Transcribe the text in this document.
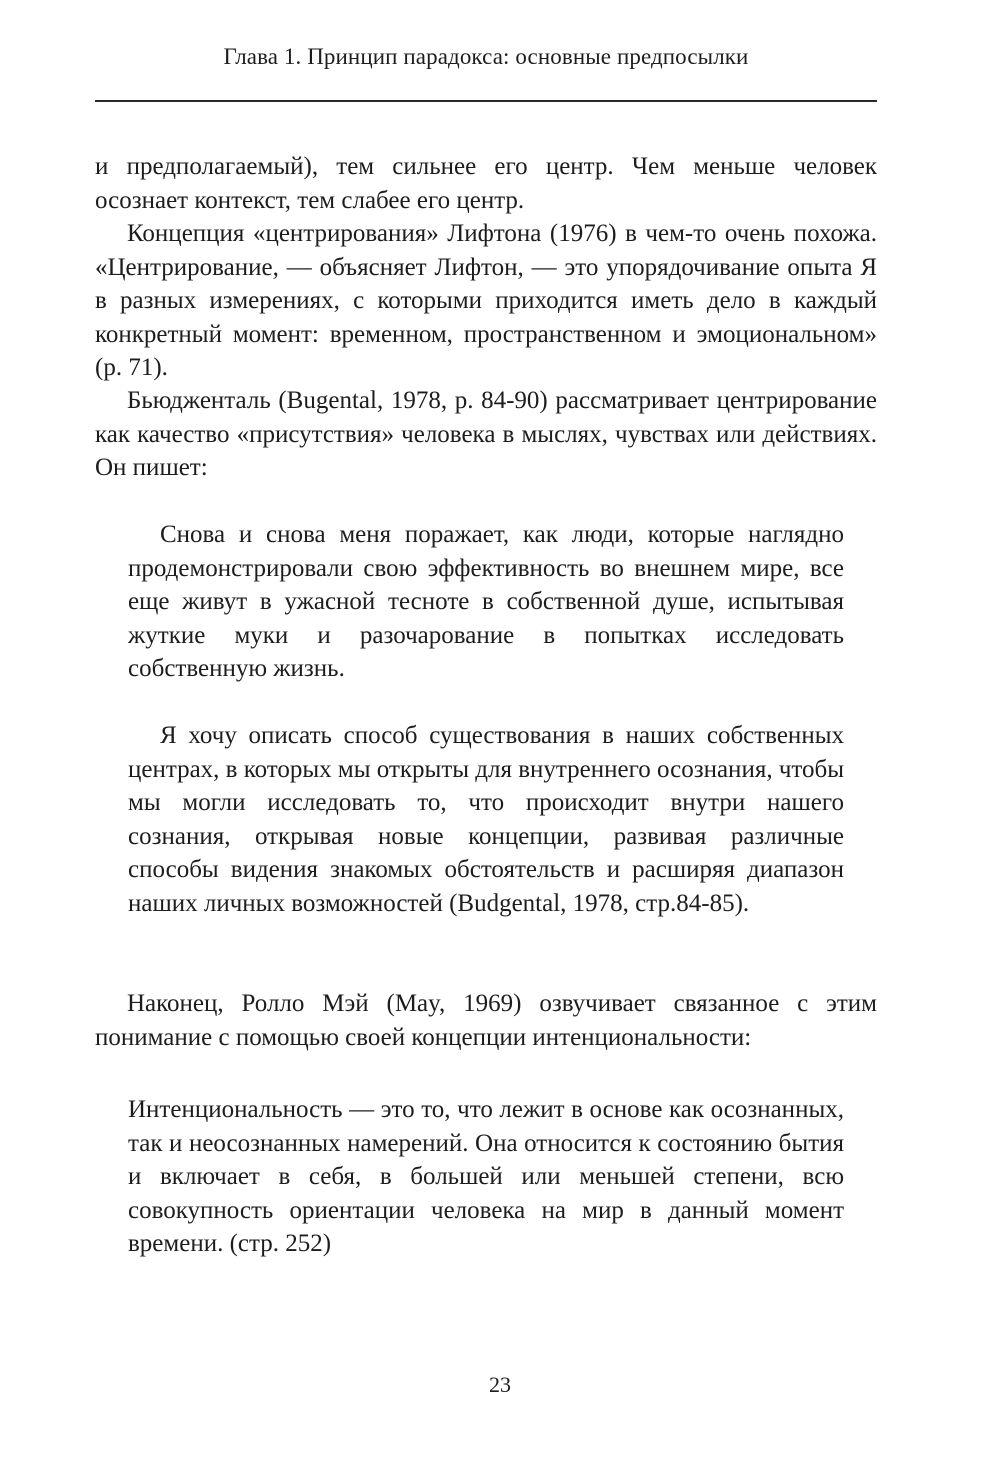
Глава 1. Принцип парадокса: основные предпосылки

и предполагаемый), тем сильнее его центр. Чем меньше человек осознает контекст, тем слабее его центр.

Концепция «центрирования» Лифтона (1976) в чем-то очень похожа. «Центрирование, — объясняет Лифтон, — это упорядочивание опыта Я в разных измерениях, с которыми приходится иметь дело в каждый конкретный момент: временном, пространственном и эмоциональном» (p. 71).

Бьюдженталь (Bugental, 1978, p. 84-90) рассматривает центрирование как качество «присутствия» человека в мыслях, чувствах или действиях. Он пишет:

Снова и снова меня поражает, как люди, которые наглядно продемонстрировали свою эффективность во внешнем мире, все еще живут в ужасной тесноте в собственной душе, испытывая жуткие муки и разочарование в попытках исследовать собственную жизнь.

Я хочу описать способ существования в наших собственных центрах, в которых мы открыты для внутреннего осознания, чтобы мы могли исследовать то, что происходит внутри нашего сознания, открывая новые концепции, развивая различные способы видения знакомых обстоятельств и расширяя диапазон наших личных возможностей (Budgental, 1978, стр.84-85).

Наконец, Ролло Мэй (May, 1969) озвучивает связанное с этим понимание с помощью своей концепции интенциональности:

Интенциональность — это то, что лежит в основе как осознанных, так и неосознанных намерений. Она относится к состоянию бытия и включает в себя, в большей или меньшей степени, всю совокупность ориентации человека на мир в данный момент времени. (стр. 252)

23
